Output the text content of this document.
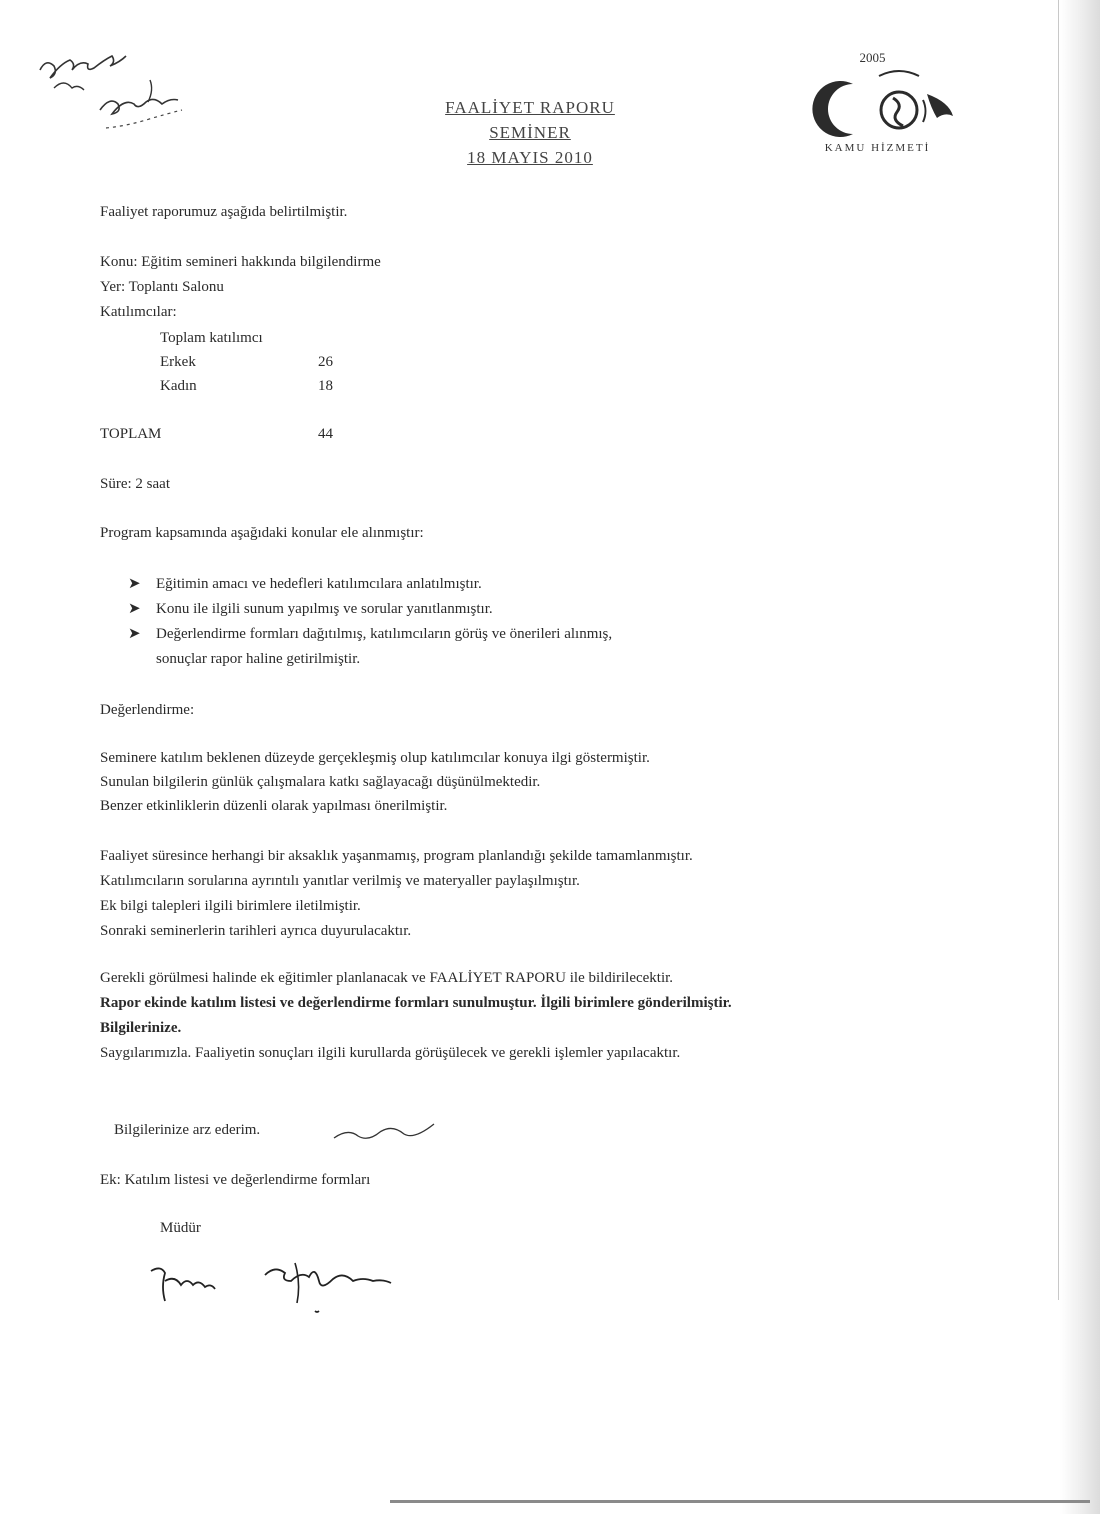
FAALİYET RAPORU
SEMİNER
18 MAYIS 2010
2005
KAMU HİZMETİ
Faaliyet raporumuz aşağıda belirtilmiştir.
Konu: Eğitim semineri hakkında bilgilendirme
Yer: Toplantı Salonu
Katılımcılar:
Toplam katılımcı
Erkek	26
Kadın	18
TOPLAM	44
Süre: 2 saat
Program kapsamında aşağıdaki konular ele alınmıştır:
➤ Eğitimin amacı ve hedefleri katılımcılara anlatılmıştır.
➤ Konu ile ilgili sunum yapılmış ve sorular yanıtlanmıştır.
➤ Değerlendirme formları dağıtılmış, katılımcıların görüş ve önerileri alınmış,
sonuçlar rapor haline getirilmiştir.
Değerlendirme:
Seminere katılım beklenen düzeyde gerçekleşmiş olup katılımcılar konuya ilgi göstermiştir.
Sunulan bilgilerin günlük çalışmalara katkı sağlayacağı düşünülmektedir.
Benzer etkinliklerin düzenli olarak yapılması önerilmiştir.
Faaliyet süresince herhangi bir aksaklık yaşanmamış, program planlandığı şekilde tamamlanmıştır.
Katılımcıların sorularına ayrıntılı yanıtlar verilmiş ve materyaller paylaşılmıştır.
Ek bilgi talepleri ilgili birimlere iletilmiştir.
Sonraki seminerlerin tarihleri ayrıca duyurulacaktır.
Gerekli görülmesi halinde ek eğitimler planlanacak ve FAALİYET RAPORU ile bildirilecektir.
Rapor ekinde katılım listesi ve değerlendirme formları sunulmuştur. İlgili birimlere gönderilmiştir.
Bilgilerinize.
Saygılarımızla. Faaliyetin sonuçları ilgili kurullarda görüşülecek ve gerekli işlemler yapılacaktır.
Bilgilerinize arz ederim.
Ek: Katılım listesi ve değerlendirme formları
Müdür
